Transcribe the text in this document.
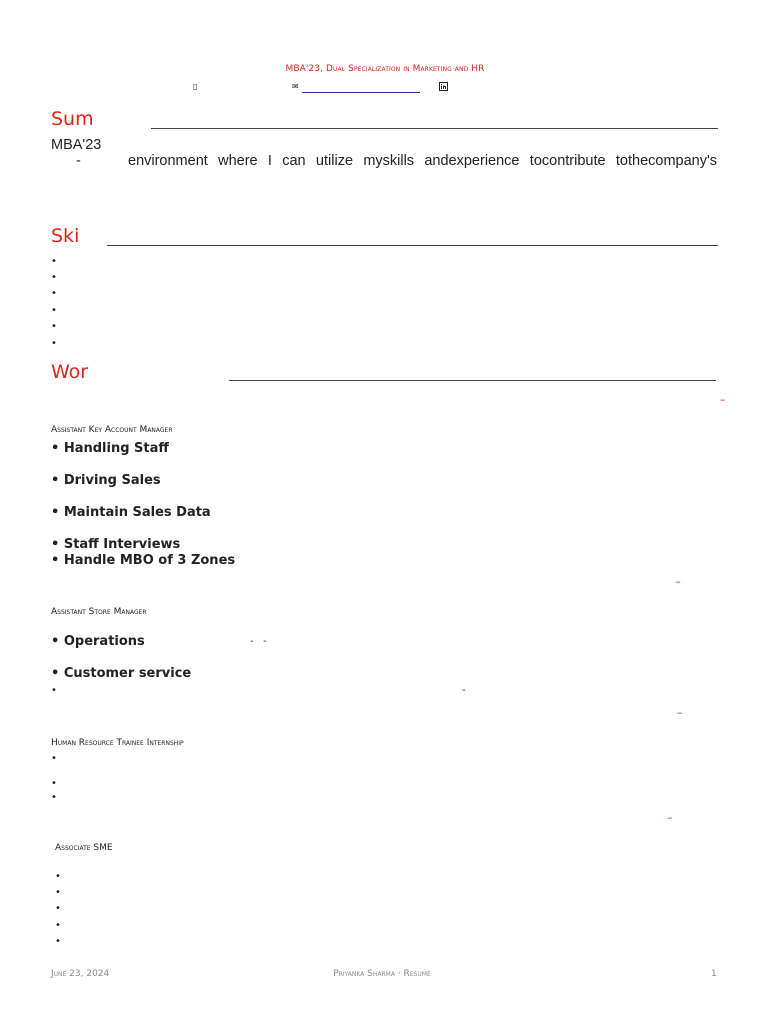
MBA'23, Dual Specialization in Marketing and HR
▯	✉
Sum
MBA'23
-	environment where I can utilize myskills andexperience tocontribute tothecompany's
Ski
•
•
•
•
•
•
Wor
–
Assistant Key Account Manager
• Handling Staff
• Driving Sales
• Maintain Sales Data
• Staff Interviews
• Handle MBO of 3 Zones
–
Assistant Store Manager
• Operations	-   -
• Customer service
•	-
–
Human Resource Trainee Internship
•
•
•
–
Associate SME
•
•
•
•
•
June 23, 2024	Priyanka Sharma · Resumé	1
